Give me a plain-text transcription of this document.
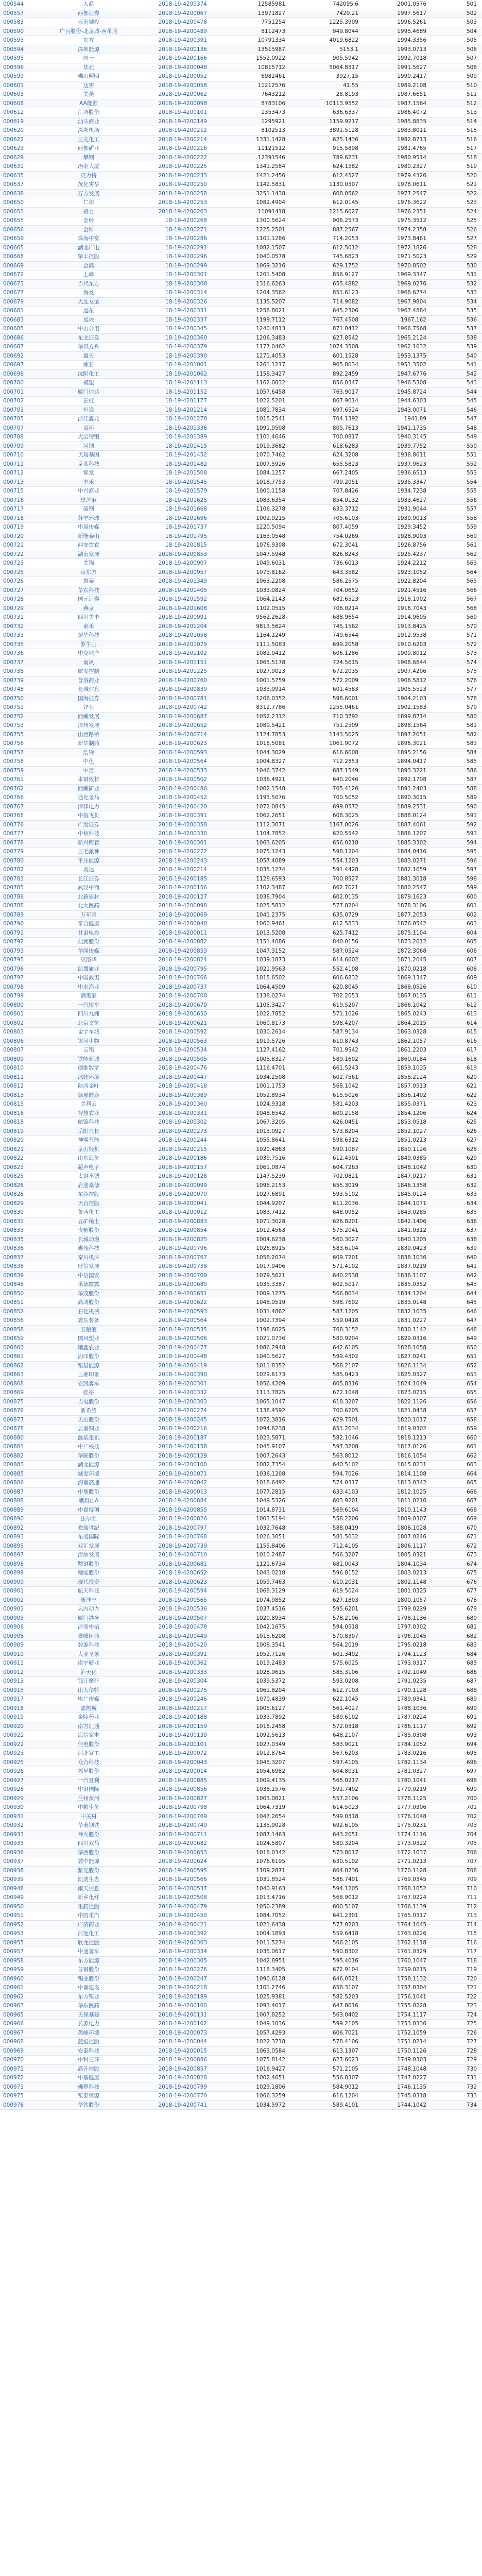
000544	大商	2018-19-4200374	12585981	742095.6	2001.0576	501
000557	西部证券	2018-19-4200067	13971827	7420.21	1997.5617	502
000583	云南城投	2018-19-4200478	7751254	1225.3909	1996.5261	503
000590	广百股份-北京城-西单店	2018-19-4200489	8112473	949.8044	1995.4689	504
000593	东方	2018-19-4200391	10791334	4019.6822	1994.3356	505
000594	深圳能源	2018-19-4200136	13515987	5153.1	1993.0713	506
000595	同一	2018-19-4200166	1552.0922	905.5942	1992.7018	507
000596	华北	2018-19-4200048	10815712	5064.8317	1991.5627	508
000599	佛山照明	2018-19-4200052	6982461	3927.15	1990.2417	509
000601	达实	2018-19-4200058	11212576	41.55	1989.2108	510
000603	美菱	2018-19-4200062	7643212	28.8193	1987.6651	511
000608	AA能源	2018-19-4200098	8783106	10113.9552	1987.1564	512
000612	汇鸿股份	2018-19-4200101	1353473	636.6337	1986.4072	513
000619	汕头商业	2018-19-4200149	1295921	1159.9217	1985.8835	514
000620	深圳机场	2018-19-4200212	8102513	3891.5128	1983.8011	515
000622	三友化工	2018-19-4200214	1331.1428	625.1436	1982.8713	516
000623	西部矿业	2018-19-4200216	11121512	915.5898	1981.4765	517
000629	攀钢	2018-19-4200222	12391546	789.6231	1980.9514	518
000631	冶金大厦	2018-19-4200225	1341.2584	624.1582	1980.2327	519
000635	英力特	2018-19-4200233	1421.2456	612.4527	1979.4326	520
000637	茂化实华	2018-19-4200250	1142.5831	1130.0307	1978.0611	521
000638	万方发展	2018-19-4200258	3251.1438	608.0562	1977.2547	522
000650	仁和	2018-19-4200253	1082.4904	612.0145	1976.3622	523
000651	格力	2018-19-4200263	11091418	1215.6027	1976.2351	524
000655	金岭	18-19-4200268	1300.5624	906.2573	1975.3512	525
000656	金科	18-19-4200271	1225.2501	887.2567	1974.2358	526
000659	珠海中富	18-19-4200286	1101.1286	714.2053	1973.8461	527
000665	湖北广电	18-19-4200291	1082.1507	612.5012	1972.1826	528
000668	荣丰控股	18-19-4200296	1040.0578	745.6823	1971.5023	529
000669	金鸿	18-19-4200299	1069.3216	629.1752	1970.8502	530
000672	上峰	18-19-4200301	1201.5408	856.9127	1969.3347	531
000673	当代东方	18-19-4200308	1316.6263	655.4882	1969.0276	532
000677	海龙	18-19-4200314	1204.3562	851.6123	1968.6774	533
000679	大连友谊	18-19-4200326	1135.5207	714.9082	1967.9804	534
000681	远东	18-19-4200331	1258.8621	645.2306	1967.4884	535
000683	远兴	18-19-4200337	1199.7112	767.4508	1967.162	536
000685	中山公用	18-19-4200345	1240.4813	871.0412	1966.7568	537
000686	东北证券	18-19-4200360	1206.3483	627.8542	1965.2124	538
000687	华讯方舟	18-19-4200379	1177.0462	1074.3508	1962.1032	539
000692	惠天	18-19-4200390	1271.4053	601.1528	1953.1375	540
000697	炼石	18-19-4201001	1261.1217	905.8034	1951.3502	541
000698	沈阳化工	18-19-4201062	1158.3427	892.2459	1947.6776	542
000700	模塑	18-19-4201113	1162.0832	856.0347	1946.5308	543
000701	厦门信达	18-19-4201152	1057.6458	763.9017	1945.8724	544
000702	正虹	18-19-4201177	1022.5201	867.9014	1944.6303	545
000703	恒逸	18-19-4201214	1081.7834	697.6524	1943.0071	546
000705	浙江震元	18-19-4201278	1015.2541	704.1392	1941.89	547
000707	双环	18-19-4201336	1091.9508	805.7613	1941.1735	548
000708	大冶特钢	18-19-4201389	1101.4646	700.0817	1940.3145	549
000709	河钢	18-19-4201415	1019.3682	618.6283	1939.7752	550
000710	贝瑞基因	18-19-4201452	1070.7462	624.3208	1938.8611	551
000711	京蓝科技	18-19-4201482	1007.5926	655.5823	1937.9623	552
000712	锦龙	18-19-4201508	1084.1257	667.2405	1936.6513	553
000713	丰乐	18-19-4201545	1018.7753	799.2051	1935.3347	554
000715	中兴商业	18-19-4201579	1000.1158	707.8426	1934.7238	555
000716	黑芝麻	18-19-4201625	1083.6354	854.0132	1933.4627	556
000717	韶钢	18-19-4201668	1106.3278	633.3712	1931.9044	557
000718	苏宁环球	18-19-4201696	1002.9215	705.6103	1930.9013	558
000719	中原传媒	18-19-4201737	1220.5094	807.4059	1929.3452	559
000720	新能泰山	18-19-4201795	1163.0548	754.0269	1928.9003	560
000721	西安饮食	18-19-4201815	1076.9308	672.3041	1926.8756	561
000722	湖南发展	2018-19-4200853	1047.5948	826.8243	1925.4237	562
000723	美锦	2018-19-4200907	1049.6031	736.6013	1924.2212	563
000725	京东方	2018-19-4200957	1073.8162	643.3582	1923.1052	564
000726	鲁泰	2018-19-4201349	1063.2208	586.2575	1922.8204	565
000727	华东科技	2018-19-4201405	1033.0824	704.0652	1921.4516	566
000728	国元证券	2018-19-4201592	1064.2143	681.6523	1918.1902	567
000729	燕京	2018-19-4201608	1102.0515	706.0214	1916.7043	568
000731	四川美丰	2018-19-4200991	9562.2628	688.9654	1914.9605	569
000732	泰禾	2018-19-4201204	9813.5624	745.1562	1913.8425	570
000733	振华科技	2018-19-4201058	1164.1249	749.6544	1912.9538	571
000735	罗牛山	2018-19-4201079	1111.5083	699.2058	1910.6203	572
000736	中交地产	2018-19-4201102	1082.0412	606.1286	1909.8012	573
000737	南风	2018-19-4201151	1065.5178	724.5615	1908.6844	574
000738	航发控制	2018-19-4201225	1027.9023	672.2035	1907.4206	575
000739	普洛药业	2018-19-4200760	1001.5759	572.2009	1906.5812	576
000748	长城信息	2018-19-4200839	1033.0914	601.4583	1905.5523	577
000750	国海证券	2018-19-4200781	1206.0352	598.6001	1904.2103	578
000751	锌业	2018-19-4200742	8312.7786	1255.0461	1902.1583	579
000752	西藏发展	2018-19-4200687	1052.2312	710.3792	1899.8714	580
000753	漳州发展	2018-19-4200652	1089.5421	751.2509	1898.1564	581
000755	山西路桥	2018-19-4200714	1124.7853	1143.5025	1897.2051	582
000756	新华制药	2018-19-4200623	1016.5081	1061.9072	1896.3021	583
000757	浩物	2018-19-4200593	1044.3029	616.6008	1895.2156	584
000758	中色	2018-19-4200564	1004.8327	712.2853	1894.0417	585
000759	中百	2018-19-4200533	1046.3742	687.1549	1893.3221	586
000761	本钢板材	2018-19-4200502	1036.4921	640.2046	1892.1708	587
000762	西藏矿业	2018-19-4200486	1002.1548	705.4126	1891.2403	588
000766	通化金马	2018-19-4200452	1193.5076	700.5052	1890.3015	589
000767	漳泽电力	2018-19-4200420	1072.0845	699.0572	1889.2531	590
000768	中航飞机	2018-19-4200391	1062.2651	608.3025	1888.0124	591
000776	广发证券	2018-19-4200358	1112.3071	1167.0026	1887.4061	592
000777	中核科技	2018-19-4200330	1104.7852	620.5542	1886.1207	593
000778	新兴铸管	2018-19-4200301	1063.6205	656.0218	1885.3302	594
000779	三毛派神	2018-19-4200272	1075.1243	598.1204	1884.0416	595
000780	平庄能源	2018-19-4200243	1057.4089	554.1203	1883.0271	596
000782	美达	2018-19-4200214	1035.1274	591.4428	1882.1059	597
000783	长江证券	2018-19-4200185	1128.6593	700.8527	1881.3018	598
000785	武汉中商	2018-19-4200156	1102.3487	662.7021	1880.2547	599
000786	北新建材	2018-19-4200127	1038.7904	602.0135	1879.1623	600
000788	北大医药	2018-19-4200098	1025.5812	577.8204	1878.3106	601
000789	万年青	2018-19-4200069	1041.2375	635.0729	1877.2053	602
000790	泰合健康	2018-19-4200040	1060.9461	612.5833	1876.0542	603
000791	甘肃电投	2018-19-4200011	1013.5208	625.7412	1875.1104	604
000792	盐湖股份	2018-19-4200882	1151.4086	840.0156	1873.2612	605
000793	华闻传媒	2018-19-4200853	1047.3152	587.0524	1872.3068	606
000795	英洛华	2018-19-4200824	1039.1873	614.6602	1871.2045	607
000796	凯撒旅业	2018-19-4200795	1021.9563	552.4108	1870.0218	608
000797	中国武夷	2018-19-4200766	1015.6502	606.6832	1869.1347	609
000798	中水渔业	2018-19-4200737	1064.4509	620.8045	1868.0526	610
000799	酒鬼酒	2018-19-4200708	1138.0274	702.2053	1867.0135	611
000800	一汽轿车	2018-19-4200679	1105.3427	619.5207	1866.1042	612
000801	四川九洲	2018-19-4200650	1022.7852	571.1026	1865.0243	613
000802	北京文化	2018-19-4200621	1060.8173	598.4207	1864.2015	614
000803	金宇车城	2018-19-4200592	1030.2614	587.9134	1863.0328	615
000806	银河生物	2018-19-4200563	1019.5726	610.8743	1862.1057	616
000807	云铝	2018-19-4200534	1127.4162	701.9542	1861.2203	617
000809	铁岭新城	2018-19-4200505	1005.8327	589.1602	1860.0184	618
000810	创维数字	2018-19-4200476	1116.4701	661.5243	1859.1035	619
000811	冰轮环境	2018-19-4200447	1034.2508	602.7561	1858.2124	620
000812	陕西金叶	2018-19-4200418	1001.1753	568.1042	1857.0513	621
000813	德展健康	2018-19-4200389	1052.8934	615.5026	1856.1402	622
000815	美利云	2018-19-4200360	1024.9318	581.4203	1855.0371	623
000816	智慧农业	2018-19-4200331	1048.6542	600.2158	1854.1206	624
000818	航锦科技	2018-19-4200302	1067.3205	626.0451	1853.0518	625
000819	岳阳兴长	2018-19-4200273	1013.0927	573.8204	1852.1027	626
000820	神雾节能	2018-19-4200244	1055.8641	598.6312	1851.0213	627
000821	京山轻机	2018-19-4200215	1020.4863	590.1087	1850.1126	628
000822	山东海化	2018-19-4200186	1039.7516	612.4501	1849.0385	629
000823	超声电子	2018-19-4200157	1061.0874	604.7263	1848.1042	630
000825	太钢不锈	2018-19-4200128	1147.5239	702.0821	1847.0217	631
000826	启迪桑德	2018-19-4200099	1096.2153	655.3019	1846.1358	632
000828	东莞控股	2018-19-4200070	1027.6891	593.5102	1845.0124	633
000829	天音控股	2018-19-4200041	1044.9207	611.2036	1844.1071	634
000830	鲁西化工	2018-19-4200012	1083.7412	648.0952	1843.0285	635
000831	五矿稀土	2018-19-4200883	1071.3028	626.8201	1842.1406	636
000833	贵糖股份	2018-19-4200854	1012.4563	575.2041	1841.0312	637
000835	长城动漫	2018-19-4200825	1004.6238	560.3027	1840.1205	638
000836	鑫茂科技	2018-19-4200796	1026.8915	583.6104	1839.0423	639
000837	秦川机床	2018-19-4200767	1058.2074	609.7201	1838.1036	640
000838	财信发展	2018-19-4200738	1017.9406	571.4102	1837.0219	641
000839	中信国安	2018-19-4200709	1079.5621	640.2538	1836.1107	642
000848	承德露露	2018-19-4200680	1035.3387	602.5017	1835.0352	643
000850	华茂股份	2018-19-4200651	1009.1275	566.8034	1834.1204	644
000851	高鸿股份	2018-19-4200622	1048.0519	598.7602	1833.0148	645
000852	石化机械	2018-19-4200593	1031.4862	587.1205	1832.1035	646
000856	冀东装备	2018-19-4200564	1002.7394	559.0418	1831.0227	647
000858	五粮液	2018-19-4200535	1198.6025	768.3152	1830.1142	648
000859	国风塑业	2018-19-4200506	1021.0736	580.9204	1829.0316	649
000860	顺鑫农业	2018-19-4200477	1086.2948	642.6105	1828.1058	650
000861	海印股份	2018-19-4200448	1040.5627	599.4302	1827.0241	651
000862	银星能源	2018-19-4200419	1011.8352	568.2107	1826.1134	652
000863	三湘印象	2018-19-4200390	1029.6173	585.0423	1825.0327	653
000868	安凯客车	2018-19-4200361	1056.4209	605.8316	1824.1049	654
000869	张裕	2018-19-4200332	1113.7825	672.1048	1823.0215	655
000875	吉电股份	2018-19-4200303	1065.1047	618.3207	1822.1126	656
000876	新希望	2018-19-4200274	1138.4592	700.6205	1821.0438	657
000877	天山股份	2018-19-4200245	1072.3816	629.7501	1820.1017	658
000878	云南铜业	2018-19-4200216	1094.6238	651.2034	1819.0302	659
000880	潍柴重机	2018-19-4200187	1023.5871	582.1046	1818.1213	660
000881	中广核技	2018-19-4200158	1045.9107	597.3208	1817.0126	661
000882	华联股份	2018-19-4200129	1007.2643	563.8012	1816.1054	662
000883	湖北能源	2018-19-4200100	1082.7354	640.5102	1815.0231	663
000885	城发环境	2018-19-4200071	1036.1208	594.7026	1814.1108	664
000886	海南高速	2018-19-4200042	1018.6492	574.0317	1813.0342	665
000887	中鼎股份	2018-19-4200013	1077.2815	633.4103	1812.1025	666
000888	峨眉山A	2018-19-4200884	1049.5326	603.9201	1811.0216	667
000889	中嘉博创	2018-19-4200855	1014.8731	569.6104	1810.1143	668
000890	法尔胜	2018-19-4200826	1003.5194	558.2206	1809.0307	669
000892	欢瑞世纪	2018-19-4200797	1032.7648	588.0419	1808.1028	670
000893	东凌国际	2018-19-4200768	1026.3051	581.5032	1807.0246	671
000895	双汇发展	2018-19-4200739	1155.8406	712.4105	1806.1117	672
000897	津滨发展	2018-19-4200710	1010.2487	566.3207	1805.0321	673
000898	鞍钢股份	2018-19-4200681	1121.6734	681.0043	1804.1034	674
000899	赣能股份	2018-19-4200652	1043.0218	596.8152	1803.0213	675
000900	现代投资	2018-19-4200623	1059.7463	610.2031	1802.1148	676
000901	航天科技	2018-19-4200594	1068.3129	619.5024	1801.0325	677
000902	新洋丰	2018-19-4200565	1074.9852	627.1803	1800.1057	678
000903	云内动力	2018-19-4200536	1037.4516	595.6201	1799.0229	679
000905	厦门港务	2018-19-4200507	1020.8934	578.2106	1798.1136	680
000906	浙商中拓	2018-19-4200478	1042.1675	594.0518	1797.0302	681
000908	景峰医药	2018-19-4200449	1015.6208	570.8307	1796.1045	682
000909	数源科技	2018-19-4200420	1008.3541	564.2019	1795.0218	683
000910	大亚圣象	2018-19-4200391	1052.7126	601.3402	1794.1123	684
000911	南宁糖业	2018-19-4200362	1019.2483	575.6025	1793.0317	685
000912	泸天化	2018-19-4200333	1028.9615	585.3106	1792.1049	686
000913	钱江摩托	2018-19-4200304	1039.5372	593.0208	1791.0235	687
000915	山大华特	2018-19-4200275	1061.8204	612.7103	1790.1128	688
000917	电广传媒	2018-19-4200246	1070.4839	622.1045	1789.0341	689
000918	嘉凯城	2018-19-4200217	1005.6127	561.4027	1788.1036	690
000919	金陵药业	2018-19-4200188	1033.7892	589.6102	1787.0224	691
000920	南方汇通	2018-19-4200159	1016.2458	572.0318	1786.1117	692
000921	海信家电	2018-19-4200130	1092.5613	648.2107	1785.0308	693
000922	佳电股份	2018-19-4200101	1027.0349	583.9021	1784.1052	694
000923	河北宣工	2018-19-4200072	1012.8764	567.6203	1783.0216	695
000925	众合科技	2018-19-4200043	1045.3207	597.4105	1782.1134	696
000926	福星股份	2018-19-4200014	1054.6982	604.8031	1781.0327	697
000927	一汽夏利	2018-19-4200885	1009.4135	565.0217	1780.1041	698
000928	中钢国际	2018-19-4200856	1038.1576	591.7402	1779.0219	699
000929	兰州黄河	2018-19-4200827	1003.0821	557.2106	1778.1125	700
000930	中粮生化	2018-19-4200798	1064.7319	614.5023	1777.0306	701
000931	中关村	2018-19-4200769	1047.2654	599.0318	1776.1048	702
000932	华菱钢铁	2018-19-4200740	1135.9028	692.6105	1775.0231	703
000933	神火股份	2018-19-4200711	1087.1463	643.2051	1774.1116	704
000935	四川双马	2018-19-4200682	1024.5807	580.3204	1773.0322	705
000936	华西股份	2018-19-4200653	1018.0342	573.8017	1772.1037	706
000937	冀中能源	2018-19-4200624	1076.6195	630.5102	1771.0213	707
000938	紫光股份	2018-19-4200595	1109.2871	664.0236	1770.1128	708
000939	凯迪生态	2018-19-4200566	1031.8524	586.7401	1769.0345	709
000948	南天信息	2018-19-4200537	1040.9163	594.1205	1768.1052	710
000949	新乡化纤	2018-19-4200508	1013.4716	568.9012	1767.0224	711
000950	重药控股	2018-19-4200479	1050.2389	600.5107	1766.1139	712
000951	中国重汽	2018-19-4200450	1084.7052	641.2301	1765.0317	713
000952	广济药业	2018-19-4200421	1021.6438	577.0203	1764.1045	714
000953	河池化工	2018-19-4200392	1004.1893	559.6418	1763.0226	715
000955	欣龙控股	2018-19-4200363	1011.5274	566.2105	1762.1118	716
000957	中通客车	2018-19-4200334	1035.0617	590.8302	1761.0329	717
000958	东方能源	2018-19-4200305	1042.8951	595.4016	1760.1047	718
000959	首钢股份	2018-19-4200276	1118.3405	672.9104	1759.0215	719
000960	锡业股份	2018-19-4200247	1090.6128	646.0521	1758.1132	720
000961	中南建设	2018-19-4200218	1101.2746	658.3107	1757.0304	721
000962	东方钽业	2018-19-4200189	1025.9381	582.5203	1756.1041	722
000963	华东医药	2018-19-4200160	1093.4617	647.8016	1755.0228	723
000965	天保基建	2018-19-4200131	1007.8252	563.0402	1754.1117	724
000966	长源电力	2018-19-4200102	1049.1036	599.2105	1753.0336	725
000967	盈峰环境	2018-19-4200073	1057.4293	606.7021	1752.1059	726
000968	蓝焰控股	2018-19-4200044	1022.3718	578.4106	1751.0214	727
000969	安泰科技	2018-19-4200015	1063.0584	613.1307	1750.1126	728
000970	中科三环	2018-19-4200886	1075.8142	627.6023	1749.0303	729
000971	高升控股	2018-19-4200857	1016.9427	571.2105	1748.1048	730
000972	中基健康	2018-19-4200828	1002.4651	556.8307	1747.0227	731
000973	佛塑科技	2018-19-4200799	1029.1806	584.9012	1746.1135	732
000975	银泰资源	2018-19-4200770	1066.3259	616.1204	1745.0318	733
000976	华铁股份	2018-19-4200741	1034.5972	589.4101	1744.1042	734
